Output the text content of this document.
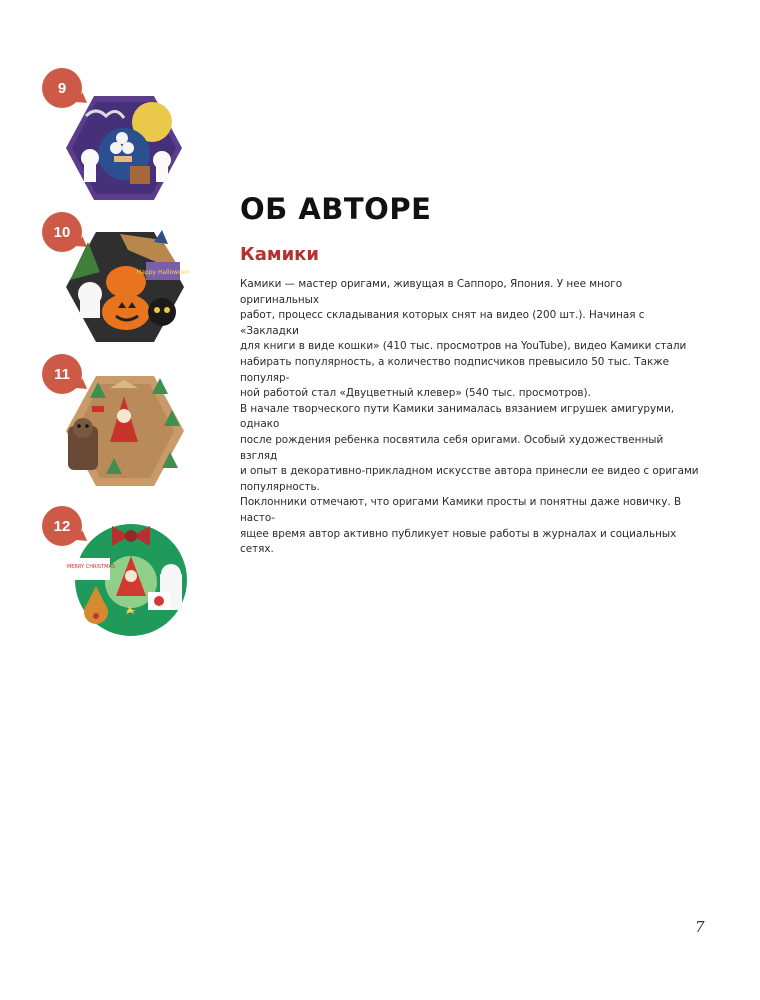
9
10
Happy Halloween
11
12
MERRY CHRISTMAS
ОБ АВТОРЕ
Камики

Камики — мастер оригами, живущая в Саппоро, Япония. У нее много оригинальных

работ, процесс складывания которых снят на видео (200 шт.). Начиная с «Закладки

для книги в виде кошки» (410 тыс. просмотров на YouTube), видео Камики стали

набирать популярность, а количество подписчиков превысило 50 тыс. Также популяр-

ной работой стал «Двуцветный клевер» (540 тыс. просмотров).

В начале творческого пути Камики занималась вязанием игрушек амигуруми, однако

после рождения ребенка посвятила себя оригами. Особый художественный взгляд

и опыт в декоративно-прикладном искусстве автора принесли ее видео с оригами

популярность.

Поклонники отмечают, что оригами Камики просты и понятны даже новичку. В насто-

ящее время автор активно публикует новые работы в журналах и социальных сетях.

7
